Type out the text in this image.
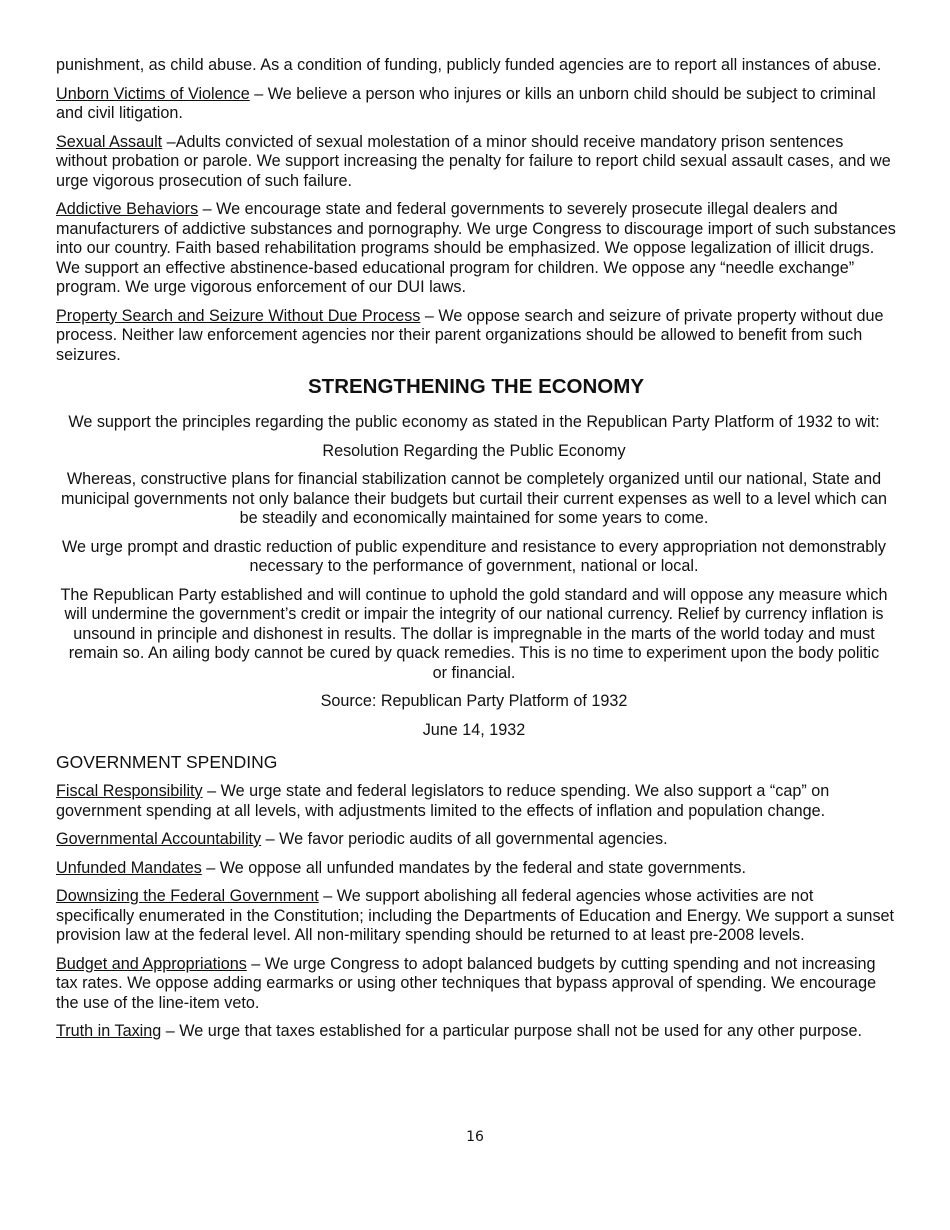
punishment, as child abuse. As a condition of funding, publicly funded agencies are to report all instances of abuse.

Unborn Victims of Violence – We believe a person who injures or kills an unborn child should be subject to criminal and civil litigation.

Sexual Assault –Adults convicted of sexual molestation of a minor should receive mandatory prison sentences without probation or parole. We support increasing the penalty for failure to report child sexual assault cases, and we urge vigorous prosecution of such failure.

Addictive Behaviors – We encourage state and federal governments to severely prosecute illegal dealers and manufacturers of addictive substances and pornography. We urge Congress to discourage import of such substances into our country. Faith based rehabilitation programs should be emphasized. We oppose legalization of illicit drugs. We support an effective abstinence-based educational program for children. We oppose any “needle exchange” program. We urge vigorous enforcement of our DUI laws.

Property Search and Seizure Without Due Process – We oppose search and seizure of private property without due process. Neither law enforcement agencies nor their parent organizations should be allowed to benefit from such seizures.

STRENGTHENING THE ECONOMY

We support the principles regarding the public economy as stated in the Republican Party Platform of 1932 to wit:

Resolution Regarding the Public Economy

Whereas, constructive plans for financial stabilization cannot be completely organized until our national, State and municipal governments not only balance their budgets but curtail their current expenses as well to a level which can be steadily and economically maintained for some years to come.

We urge prompt and drastic reduction of public expenditure and resistance to every appropriation not demonstrably necessary to the performance of government, national or local.

The Republican Party established and will continue to uphold the gold standard and will oppose any measure which will undermine the government’s credit or impair the integrity of our national currency. Relief by currency inflation is unsound in principle and dishonest in results. The dollar is impregnable in the marts of the world today and must remain so. An ailing body cannot be cured by quack remedies. This is no time to experiment upon the body politic or financial.

Source: Republican Party Platform of 1932

June 14, 1932

GOVERNMENT SPENDING

Fiscal Responsibility – We urge state and federal legislators to reduce spending. We also support a “cap” on government spending at all levels, with adjustments limited to the effects of inflation and population change.

Governmental Accountability – We favor periodic audits of all governmental agencies.

Unfunded Mandates – We oppose all unfunded mandates by the federal and state governments.

Downsizing the Federal Government – We support abolishing all federal agencies whose activities are not specifically enumerated in the Constitution; including the Departments of Education and Energy. We support a sunset provision law at the federal level. All non-military spending should be returned to at least pre-2008 levels.

Budget and Appropriations – We urge Congress to adopt balanced budgets by cutting spending and not increasing tax rates. We oppose adding earmarks or using other techniques that bypass approval of spending. We encourage the use of the line-item veto.

Truth in Taxing – We urge that taxes established for a particular purpose shall not be used for any other purpose.

16
